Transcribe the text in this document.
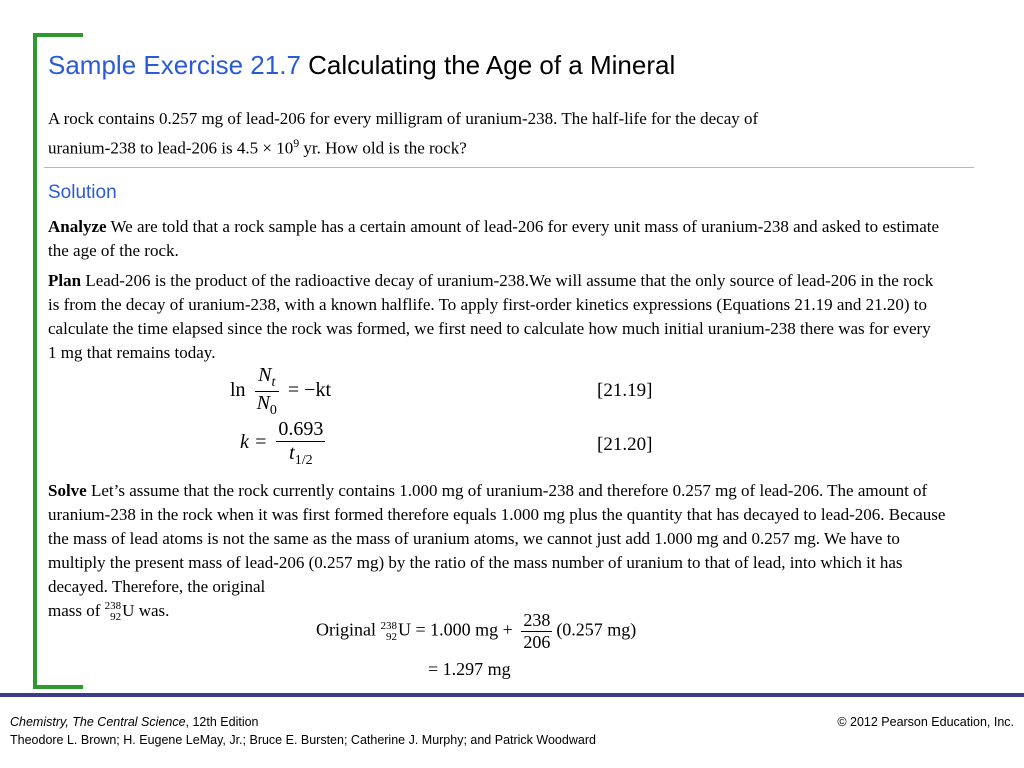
Sample Exercise 21.7 Calculating the Age of a Mineral
A rock contains 0.257 mg of lead-206 for every milligram of uranium-238. The half-life for the decay of
uranium-238 to lead-206 is $4.5 \times 10^9$ yr. How old is the rock?
Solution
Analyze We are told that a rock sample has a certain amount of lead-206 for every unit mass of uranium-238 and asked to estimate the age of the rock.
Plan Lead-206 is the product of the radioactive decay of uranium-238.We will assume that the only source of lead-206 in the rock is from the decay of uranium-238, with a known halflife. To apply first-order kinetics expressions (Equations 21.19 and 21.20) to calculate the time elapsed since the rock was formed, we first need to calculate how much initial uranium-238 there was for every 1 mg that remains today.
$\ln \frac{N_t}{N_0} = -kt$	[21.19]
$k = \frac{0.693}{t_{1/2}}$	[21.20]
Solve Let’s assume that the rock currently contains 1.000 mg of uranium-238 and therefore 0.257 mg of lead-206. The amount of uranium-238 in the rock when it was first formed therefore equals 1.000 mg plus the quantity that has decayed to lead-206. Because the mass of lead atoms is not the same as the mass of uranium atoms, we cannot just add 1.000 mg and 0.257 mg. We have to multiply the present mass of lead-206 (0.257 mg) by the ratio of the mass number of uranium to that of lead, into which it has decayed. Therefore, the original
mass of 238
92U was.
Original 238
92U = 1.000 mg + $\frac{238}{206} (0.257$ mg)
= 1.297 mg
Chemistry, The Central Science, 12th Edition
Theodore L. Brown; H. Eugene LeMay, Jr.; Bruce E. Bursten; Catherine J. Murphy; and Patrick Woodward
© 2012 Pearson Education, Inc.
